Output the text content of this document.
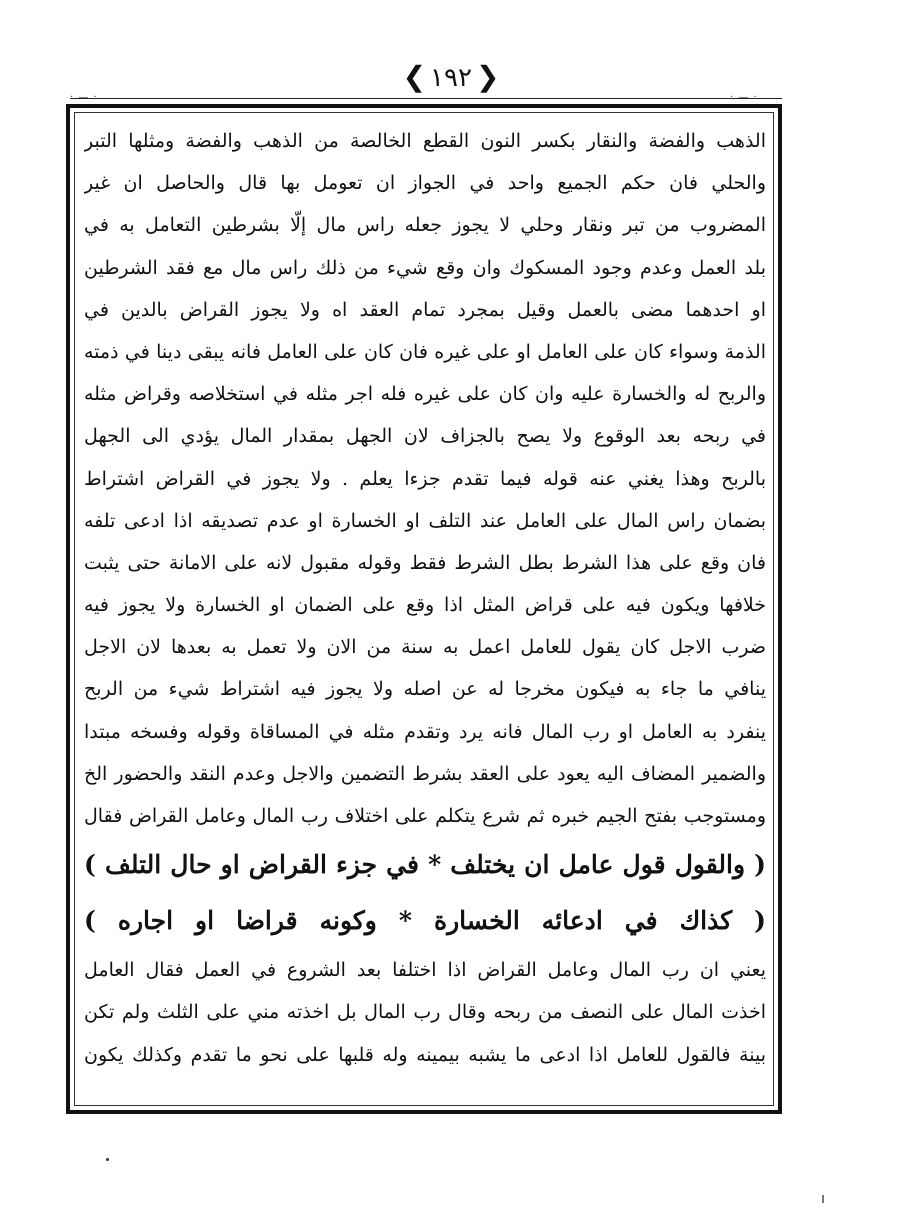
❮١٩٢❯
· — ·	· — ·
الذهب والفضة والنقار بكسر النون القطع الخالصة من الذهب والفضة ومثلها التبر
والحلي فان حكم الجميع واحد في الجواز ان تعومل بها قال والحاصل ان غير
المضروب من تبر ونقار وحلي لا يجوز جعله راس مال إلّا بشرطين التعامل به في
بلد العمل وعدم وجود المسكوك وان وقع شيء من ذلك راس مال مع فقد الشرطين
او احدهما مضى بالعمل وقيل بمجرد تمام العقد اه ولا يجوز القراض بالدين في
الذمة وسواء كان على العامل او على غيره فان كان على العامل فانه يبقى دينا في ذمته
والربح له والخسارة عليه وان كان على غيره فله اجر مثله في استخلاصه وقراض مثله
في ربحه بعد الوقوع ولا يصح بالجزاف لان الجهل بمقدار المال يؤدي الى الجهل
بالربح وهذا يغني عنه قوله فيما تقدم جزءا يعلم . ولا يجوز في القراض اشتراط
بضمان راس المال على العامل عند التلف او الخسارة او عدم تصديقه اذا ادعى تلفه
فان وقع على هذا الشرط بطل الشرط فقط وقوله مقبول لانه على الامانة حتى يثبت
خلافها ويكون فيه على قراض المثل اذا وقع على الضمان او الخسارة ولا يجوز فيه
ضرب الاجل كان يقول للعامل اعمل به سنة من الان ولا تعمل به بعدها لان الاجل
ينافي ما جاء به فيكون مخرجا له عن اصله ولا يجوز فيه اشتراط شيء من الربح
ينفرد به العامل او رب المال فانه يرد وتقدم مثله في المساقاة وقوله وفسخه مبتدا
والضمير المضاف اليه يعود على العقد بشرط التضمين والاجل وعدم النقد والحضور الخ
ومستوجب بفتح الجيم خبره ثم شرع يتكلم على اختلاف رب المال وعامل القراض فقال
( والقول قول عامل ان يختلف * في جزء القراض او حال التلف )
( كذاك في ادعائه الخسارة * وكونه قراضا او اجاره )
يعني ان رب المال وعامل القراض اذا اختلفا بعد الشروع في العمل فقال العامل
اخذت المال على النصف من ربحه وقال رب المال بل اخذته مني على الثلث ولم تكن
بينة فالقول للعامل اذا ادعى ما يشبه بيمينه وله قلبها على نحو ما تقدم وكذلك يكون
